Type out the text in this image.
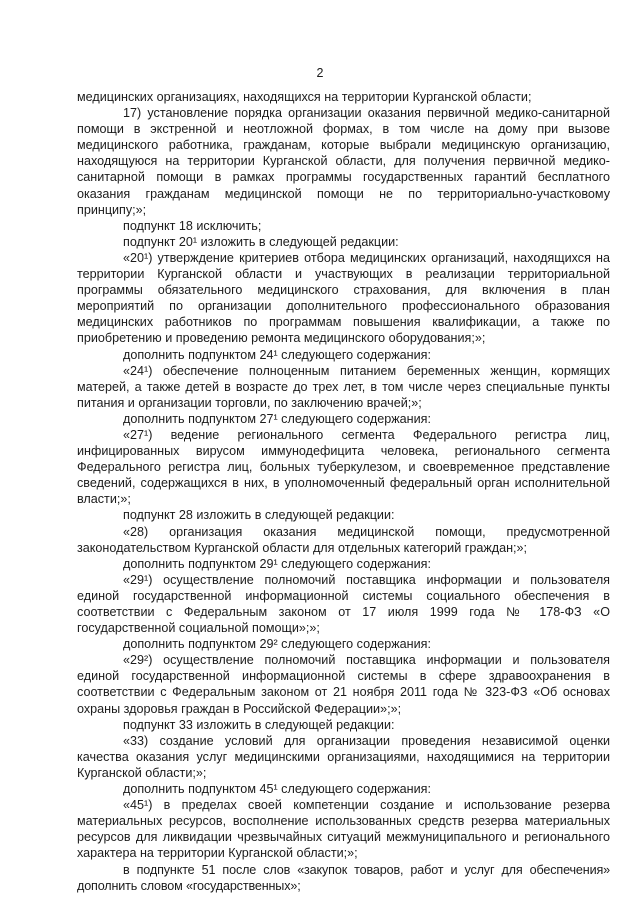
2

медицинских организациях, находящихся на территории Курганской области;

17) установление порядка организации оказания первичной медико-санитарной помощи в экстренной и неотложной формах, в том числе на дому при вызове медицинского работника, гражданам, которые выбрали медицинскую организацию, находящуюся на территории Курганской области, для получения первичной медико-санитарной помощи в рамках программы государственных гарантий бесплатного оказания гражданам медицинской помощи не по территориально-участковому принципу;»;

подпункт 18 исключить;

подпункт 20¹ изложить в следующей редакции:

«20¹) утверждение критериев отбора медицинских организаций, находящихся на территории Курганской области и участвующих в реализации территориальной программы обязательного медицинского страхования, для включения в план мероприятий по организации дополнительного профессионального образования медицинских работников по программам повышения квалификации, а также по приобретению и проведению ремонта медицинского оборудования;»;

дополнить подпунктом 24¹ следующего содержания:

«24¹) обеспечение полноценным питанием беременных женщин, кормящих матерей, а также детей в возрасте до трех лет, в том числе через специальные пункты питания и организации торговли, по заключению врачей;»;

дополнить подпунктом 27¹ следующего содержания:

«27¹) ведение регионального сегмента Федерального регистра лиц, инфицированных вирусом иммунодефицита человека, регионального сегмента Федерального регистра лиц, больных туберкулезом, и своевременное представление сведений, содержащихся в них, в уполномоченный федеральный орган исполнительной власти;»;

подпункт 28 изложить в следующей редакции:

«28) организация оказания медицинской помощи, предусмотренной законодательством Курганской области для отдельных категорий граждан;»;

дополнить подпунктом 29¹ следующего содержания:

«29¹) осуществление полномочий поставщика информации и пользователя единой государственной информационной системы социального обеспечения в соответствии с Федеральным законом от 17 июля 1999 года № 178-ФЗ «О государственной социальной помощи»;»;

дополнить подпунктом 29² следующего содержания:

«29²) осуществление полномочий поставщика информации и пользователя единой государственной информационной системы в сфере здравоохранения в соответствии с Федеральным законом от 21 ноября 2011 года № 323-ФЗ «Об основах охраны здоровья граждан в Российской Федерации»;»;

подпункт 33 изложить в следующей редакции:

«33) создание условий для организации проведения независимой оценки качества оказания услуг медицинскими организациями, находящимися на территории Курганской области;»;

дополнить подпунктом 45¹ следующего содержания:

«45¹) в пределах своей компетенции создание и использование резерва материальных ресурсов, восполнение использованных средств резерва материальных ресурсов для ликвидации чрезвычайных ситуаций межмуниципального и регионального характера на территории Курганской области;»;

в подпункте 51 после слов «закупок товаров, работ и услуг для обеспечения» дополнить словом «государственных»;
